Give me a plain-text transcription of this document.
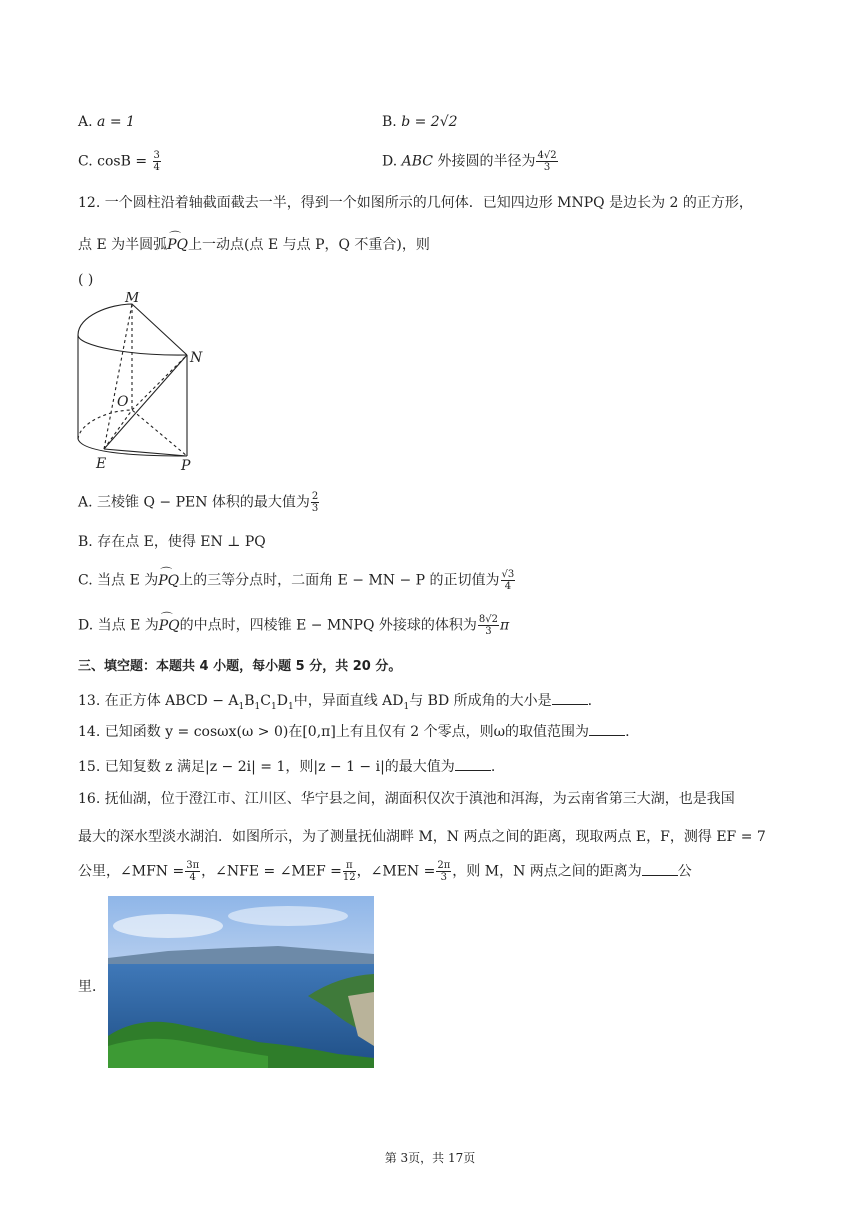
A. a = 1	B. b = 2√2
C. $\cos B = \frac{3}{4}$	D. ABC 外接圆的半径为 $\frac{4√2}{3}$
12. 一个圆柱沿着轴截面截去一半，得到一个如图所示的几何体．已知四边形 MNPQ 是边长为 2 的正方形，
点 E 为半圆弧⌒ PQ上一动点(点 E 与点 P，Q 不重合)，则
( )
M
N
O
E	P
A. 三棱锥 Q − PEN 体积的最大值为 $\frac{2}{3}$
B. 存在点 E，使得 EN ⊥ PQ
C. 当点 E 为⌒ PQ上的三等分点时，二面角 E − MN − P 的正切值为 $\frac{√3}{4}$
D. 当点 E 为⌒ PQ的中点时，四棱锥 E − MNPQ 外接球的体积为 $\frac{8√2}{3}$ π
三、填空题：本题共 4 小题，每小题 5 分，共 20 分。
13. 在正方体 ABCD − $A_1B_1C_1D_1$中，异面直线 $AD_1$与 BD 所成角的大小是	.
14. 已知函数 y = cosωx(ω > 0)在[0,π]上有且仅有 2 个零点，则ω的取值范围为	.
15. 已知复数 z 满足|z − 2i| = 1，则|z − 1 − i|的最大值为	.
16. 抚仙湖，位于澄江市、江川区、华宁县之间，湖面积仅次于滇池和洱海，为云南省第三大湖，也是我国
最大的深水型淡水湖泊．如图所示，为了测量抚仙湖畔 M，N 两点之间的距离，现取两点 E，F，测得 EF = 7
公里，∠MFN = $\frac{3\pi}{4}$ ，∠NFE = ∠MEF = $\frac{\pi}{12}$ ，∠MEN = $\frac{2\pi}{3}$ ，则 M，N 两点之间的距离为	公
里．
第 3页，共 17页
